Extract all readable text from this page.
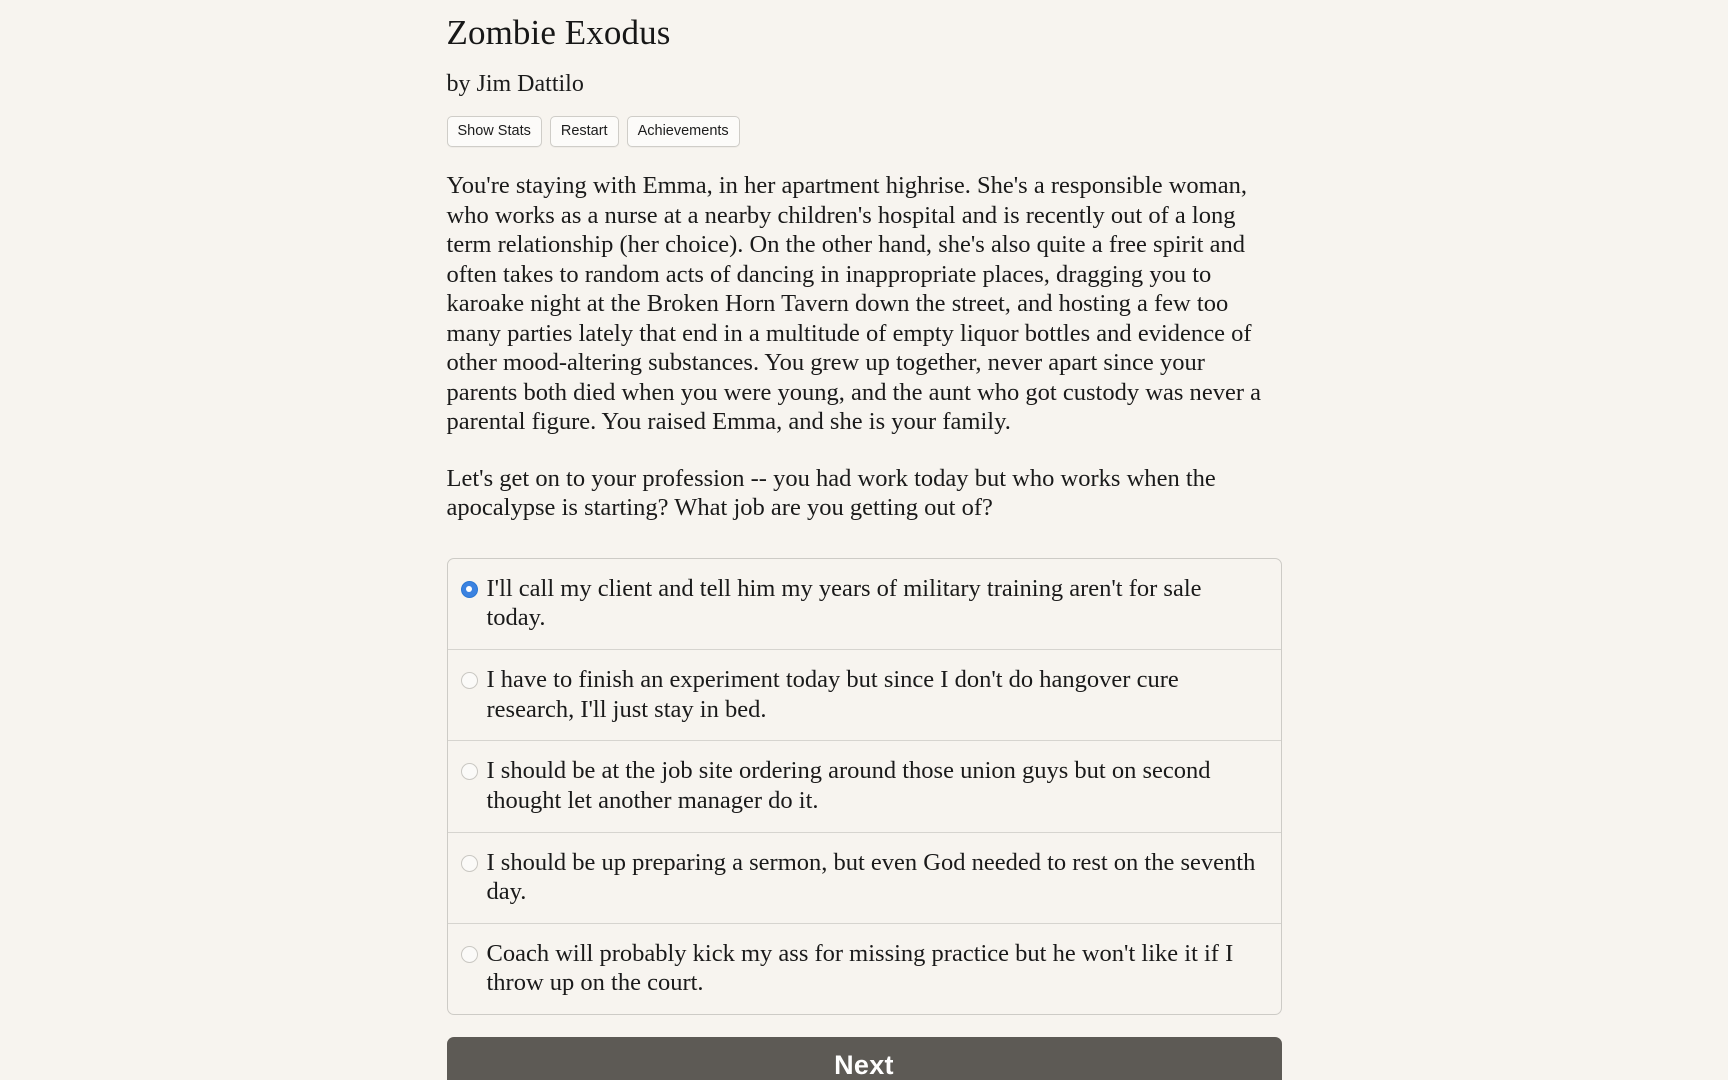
Zombie Exodus
by Jim Dattilo
Show Stats	Restart	Achievements

You're staying with Emma, in her apartment highrise. She's a responsible woman, who works as a nurse at a nearby children's hospital and is recently out of a long term relationship (her choice). On the other hand, she's also quite a free spirit and often takes to random acts of dancing in inappropriate places, dragging you to karoake night at the Broken Horn Tavern down the street, and hosting a few too many parties lately that end in a multitude of empty liquor bottles and evidence of other mood-altering substances. You grew up together, never apart since your parents both died when you were young, and the aunt who got custody was never a parental figure. You raised Emma, and she is your family.

Let's get on to your profession -- you had work today but who works when the apocalypse is starting? What job are you getting out of?

I'll call my client and tell him my years of military training aren't for sale today.
I have to finish an experiment today but since I don't do hangover cure research, I'll just stay in bed.
I should be at the job site ordering around those union guys but on second thought let another manager do it.
I should be up preparing a sermon, but even God needed to rest on the seventh day.
Coach will probably kick my ass for missing practice but he won't like it if I throw up on the court.
Next
